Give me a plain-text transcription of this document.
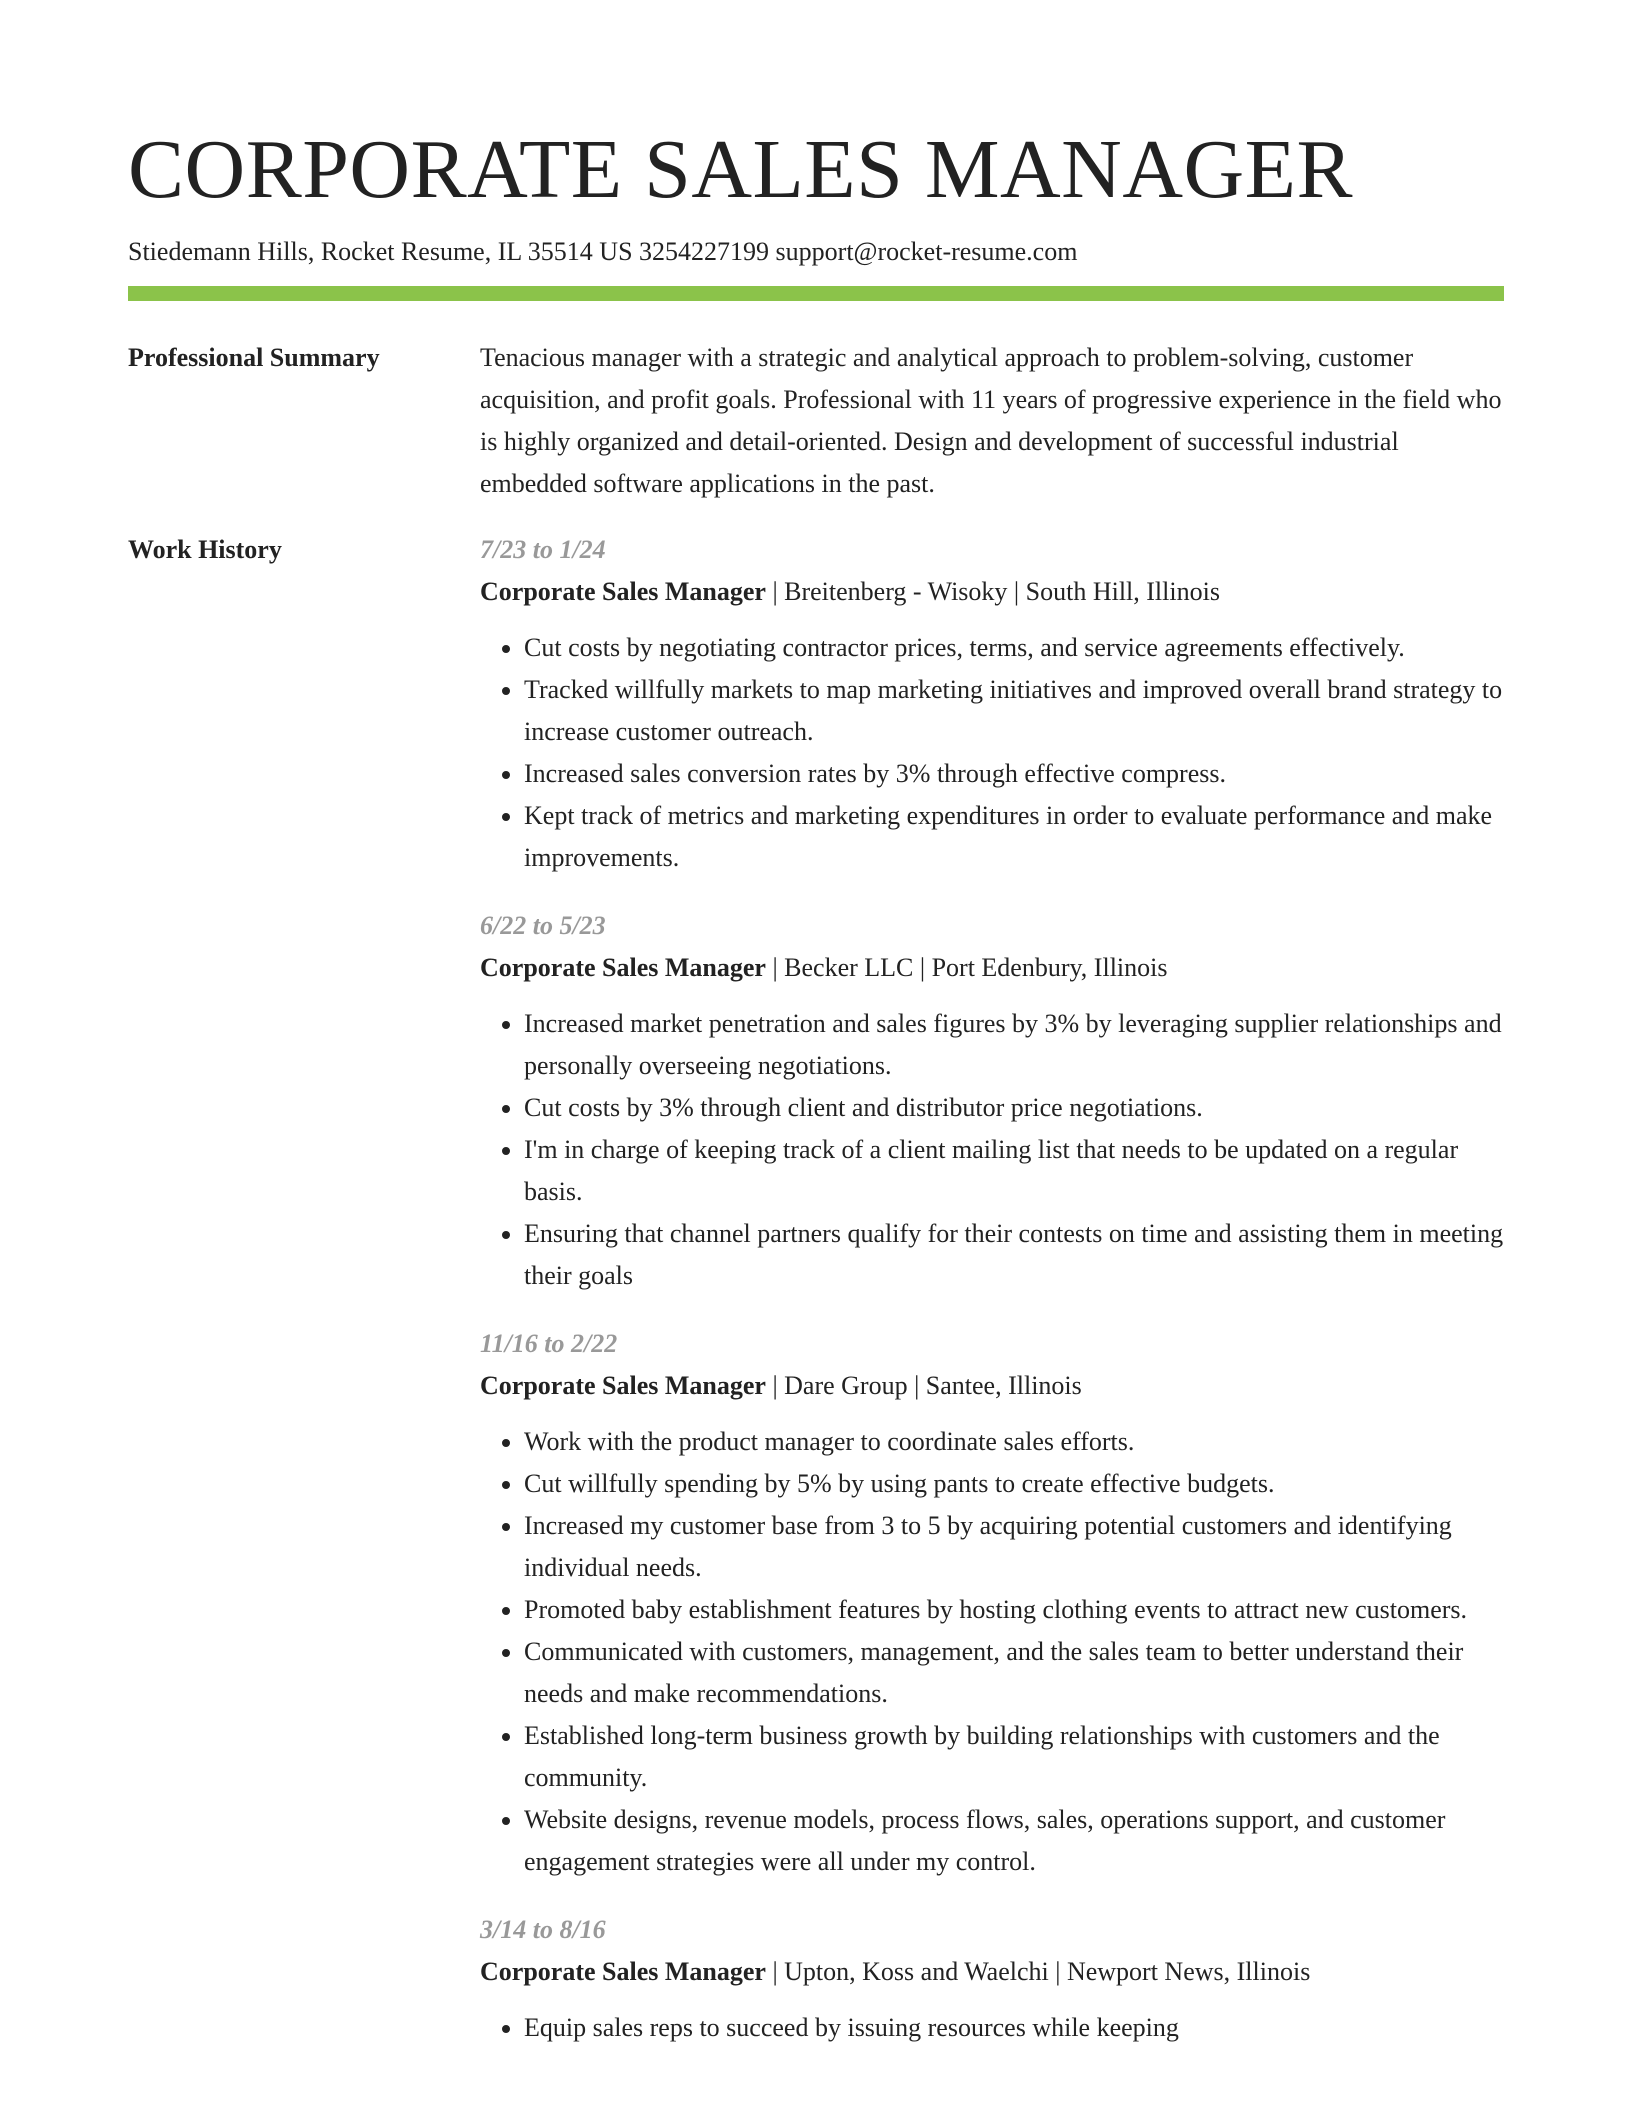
CORPORATE SALES MANAGER
Stiedemann Hills, Rocket Resume, IL 35514 US 3254227199 support@rocket-resume.com
Professional Summary	Tenacious manager with a strategic and analytical approach to problem-solving, customer acquisition, and profit goals. Professional with 11 years of progressive experience in the field who is highly organized and detail-oriented. Design and development of successful industrial embedded software applications in the past.

Work History	7/23 to 1/24
Corporate Sales Manager | Breitenberg - Wisoky | South Hill, Illinois
• Cut costs by negotiating contractor prices, terms, and service agreements effectively.
• Tracked willfully markets to map marketing initiatives and improved overall brand strategy to increase customer outreach.
• Increased sales conversion rates by 3% through effective compress.
• Kept track of metrics and marketing expenditures in order to evaluate performance and make improvements.
6/22 to 5/23
Corporate Sales Manager | Becker LLC | Port Edenbury, Illinois
• Increased market penetration and sales figures by 3% by leveraging supplier relationships and personally overseeing negotiations.
• Cut costs by 3% through client and distributor price negotiations.
• I'm in charge of keeping track of a client mailing list that needs to be updated on a regular basis.
• Ensuring that channel partners qualify for their contests on time and assisting them in meeting their goals
11/16 to 2/22
Corporate Sales Manager | Dare Group | Santee, Illinois
• Work with the product manager to coordinate sales efforts.
• Cut willfully spending by 5% by using pants to create effective budgets.
• Increased my customer base from 3 to 5 by acquiring potential customers and identifying individual needs.
• Promoted baby establishment features by hosting clothing events to attract new customers.
• Communicated with customers, management, and the sales team to better understand their needs and make recommendations.
• Established long-term business growth by building relationships with customers and the community.
• Website designs, revenue models, process flows, sales, operations support, and customer engagement strategies were all under my control.
3/14 to 8/16
Corporate Sales Manager | Upton, Koss and Waelchi | Newport News, Illinois
• Equip sales reps to succeed by issuing resources while keeping
